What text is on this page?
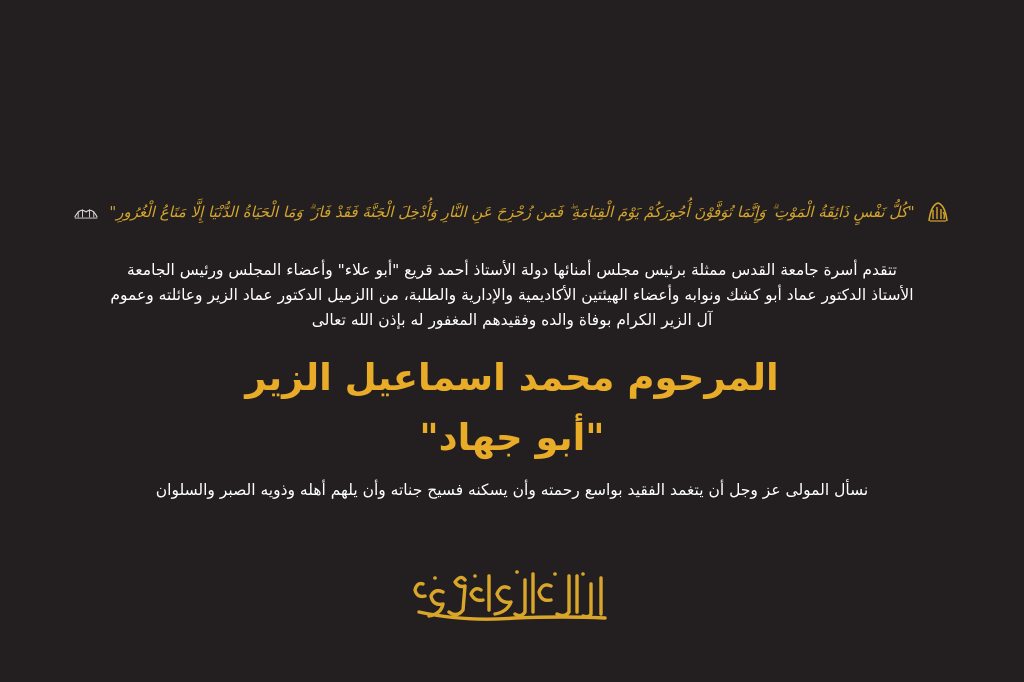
"كُلُّ نَفْسٍ ذَائِقَةُ الْمَوْتِ ۗ وَإِنَّمَا تُوَفَّوْنَ أُجُورَكُمْ يَوْمَ الْقِيَامَةِ ۖ فَمَن زُحْزِحَ عَنِ النَّارِ وَأُدْخِلَ الْجَنَّةَ فَقَدْ فَازَ ۗ وَمَا الْحَيَاةُ الدُّنْيَا إِلَّا مَتَاعُ الْغُرُورِ"
تتقدم أسرة جامعة القدس ممثلة برئيس مجلس أمنائها دولة الأستاذ أحمد قريع "أبو علاء" وأعضاء المجلس ورئيس الجامعة
الأستاذ الدكتور عماد أبو كشك ونوابه وأعضاء الهيئتين الأكاديمية والإدارية والطلبة، من االزميل الدكتور عماد الزير وعائلته وعموم
آل الزير الكرام بوفاة والده وفقيدهم المغفور له بإذن الله تعالى
المرحوم محمد اسماعيل الزير
"أبو جهاد"
نسأل المولى عز وجل أن يتغمد الفقيد بواسع رحمته وأن يسكنه فسيح جناته وأن يلهم أهله وذويه الصبر والسلوان
